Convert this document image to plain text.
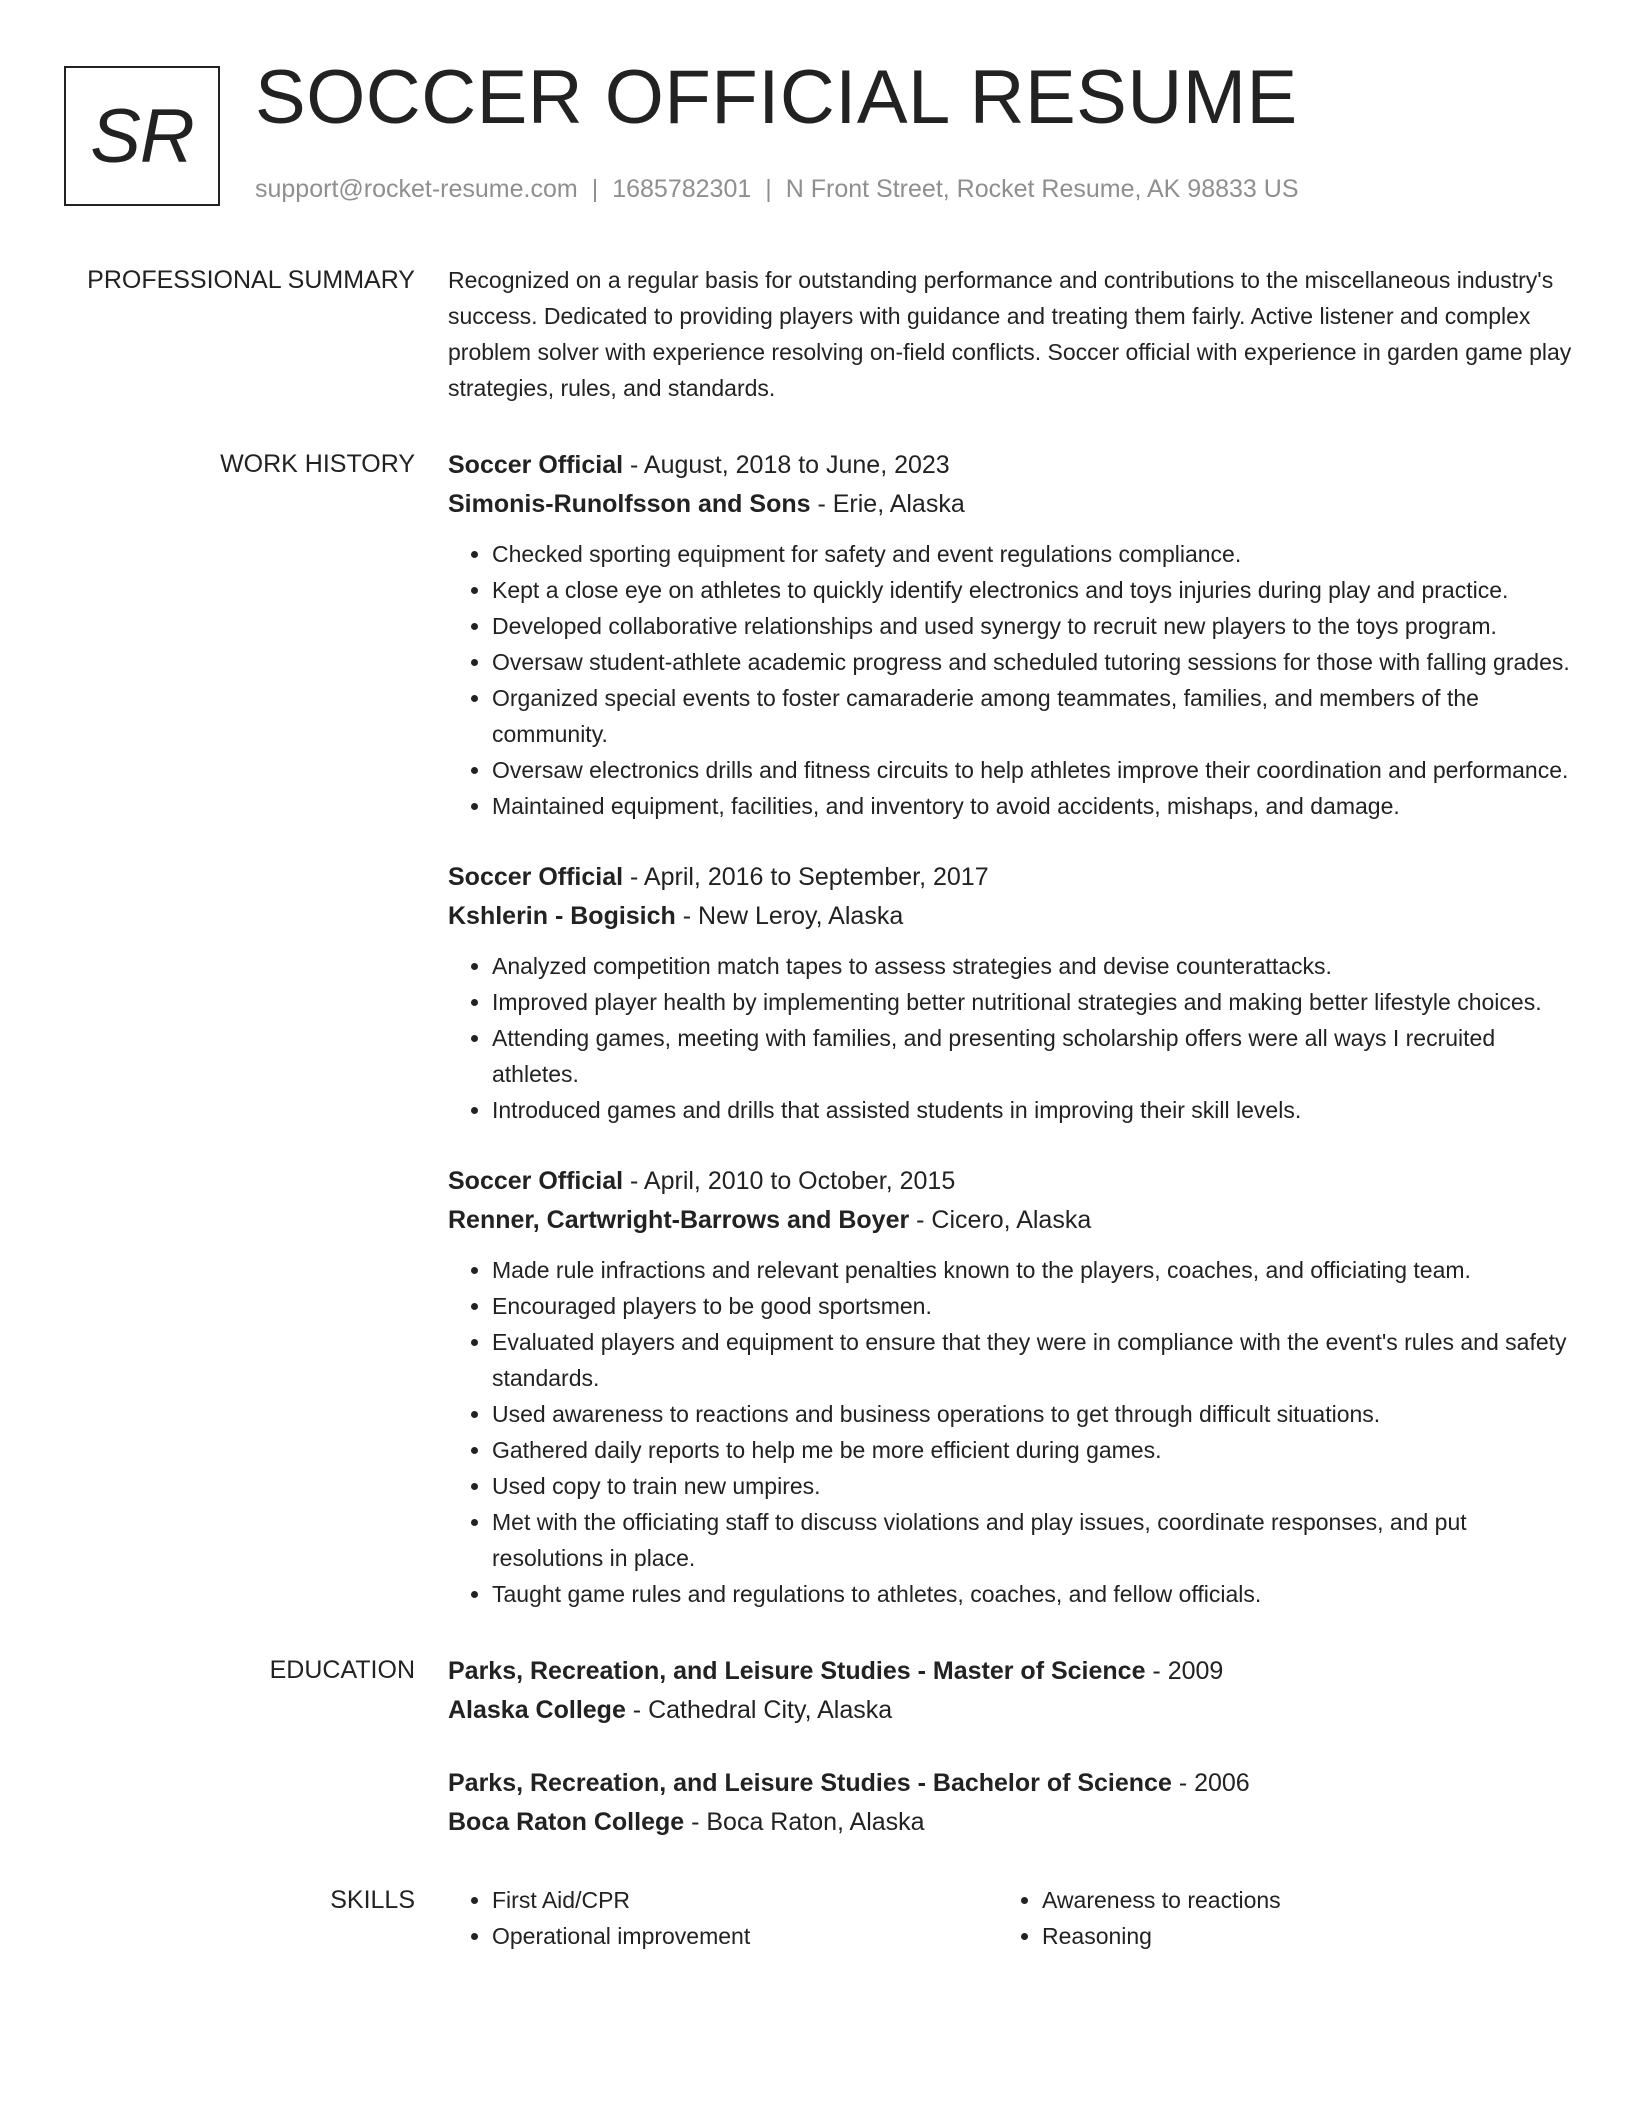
SR SOCCER OFFICIAL RESUME
support@rocket-resume.com | 1685782301 | N Front Street, Rocket Resume, AK 98833 US
PROFESSIONAL SUMMARY Recognized on a regular basis for outstanding performance and contributions to the miscellaneous industry's success. Dedicated to providing players with guidance and treating them fairly. Active listener and complex problem solver with experience resolving on-field conflicts. Soccer official with experience in garden game play strategies, rules, and standards.

WORK HISTORY Soccer Official - August, 2018 to June, 2023
Simonis-Runolfsson and Sons - Erie, Alaska
• Checked sporting equipment for safety and event regulations compliance.
• Kept a close eye on athletes to quickly identify electronics and toys injuries during play and practice.
• Developed collaborative relationships and used synergy to recruit new players to the toys program.
• Oversaw student-athlete academic progress and scheduled tutoring sessions for those with falling grades.
• Organized special events to foster camaraderie among teammates, families, and members of the community.
• Oversaw electronics drills and fitness circuits to help athletes improve their coordination and performance.
• Maintained equipment, facilities, and inventory to avoid accidents, mishaps, and damage.
Soccer Official - April, 2016 to September, 2017
Kshlerin - Bogisich - New Leroy, Alaska
• Analyzed competition match tapes to assess strategies and devise counterattacks.
• Improved player health by implementing better nutritional strategies and making better lifestyle choices.
• Attending games, meeting with families, and presenting scholarship offers were all ways I recruited athletes.
• Introduced games and drills that assisted students in improving their skill levels.
Soccer Official - April, 2010 to October, 2015
Renner, Cartwright-Barrows and Boyer - Cicero, Alaska
• Made rule infractions and relevant penalties known to the players, coaches, and officiating team.
• Encouraged players to be good sportsmen.
• Evaluated players and equipment to ensure that they were in compliance with the event's rules and safety standards.
• Used awareness to reactions and business operations to get through difficult situations.
• Gathered daily reports to help me be more efficient during games.
• Used copy to train new umpires.
• Met with the officiating staff to discuss violations and play issues, coordinate responses, and put resolutions in place.
• Taught game rules and regulations to athletes, coaches, and fellow officials.
EDUCATION Parks, Recreation, and Leisure Studies - Master of Science - 2009
Alaska College - Cathedral City, Alaska
Parks, Recreation, and Leisure Studies - Bachelor of Science - 2006
Boca Raton College - Boca Raton, Alaska
SKILLS
•	First Aid/CPR
• Operational improvement
• Awareness to reactions
• Reasoning
